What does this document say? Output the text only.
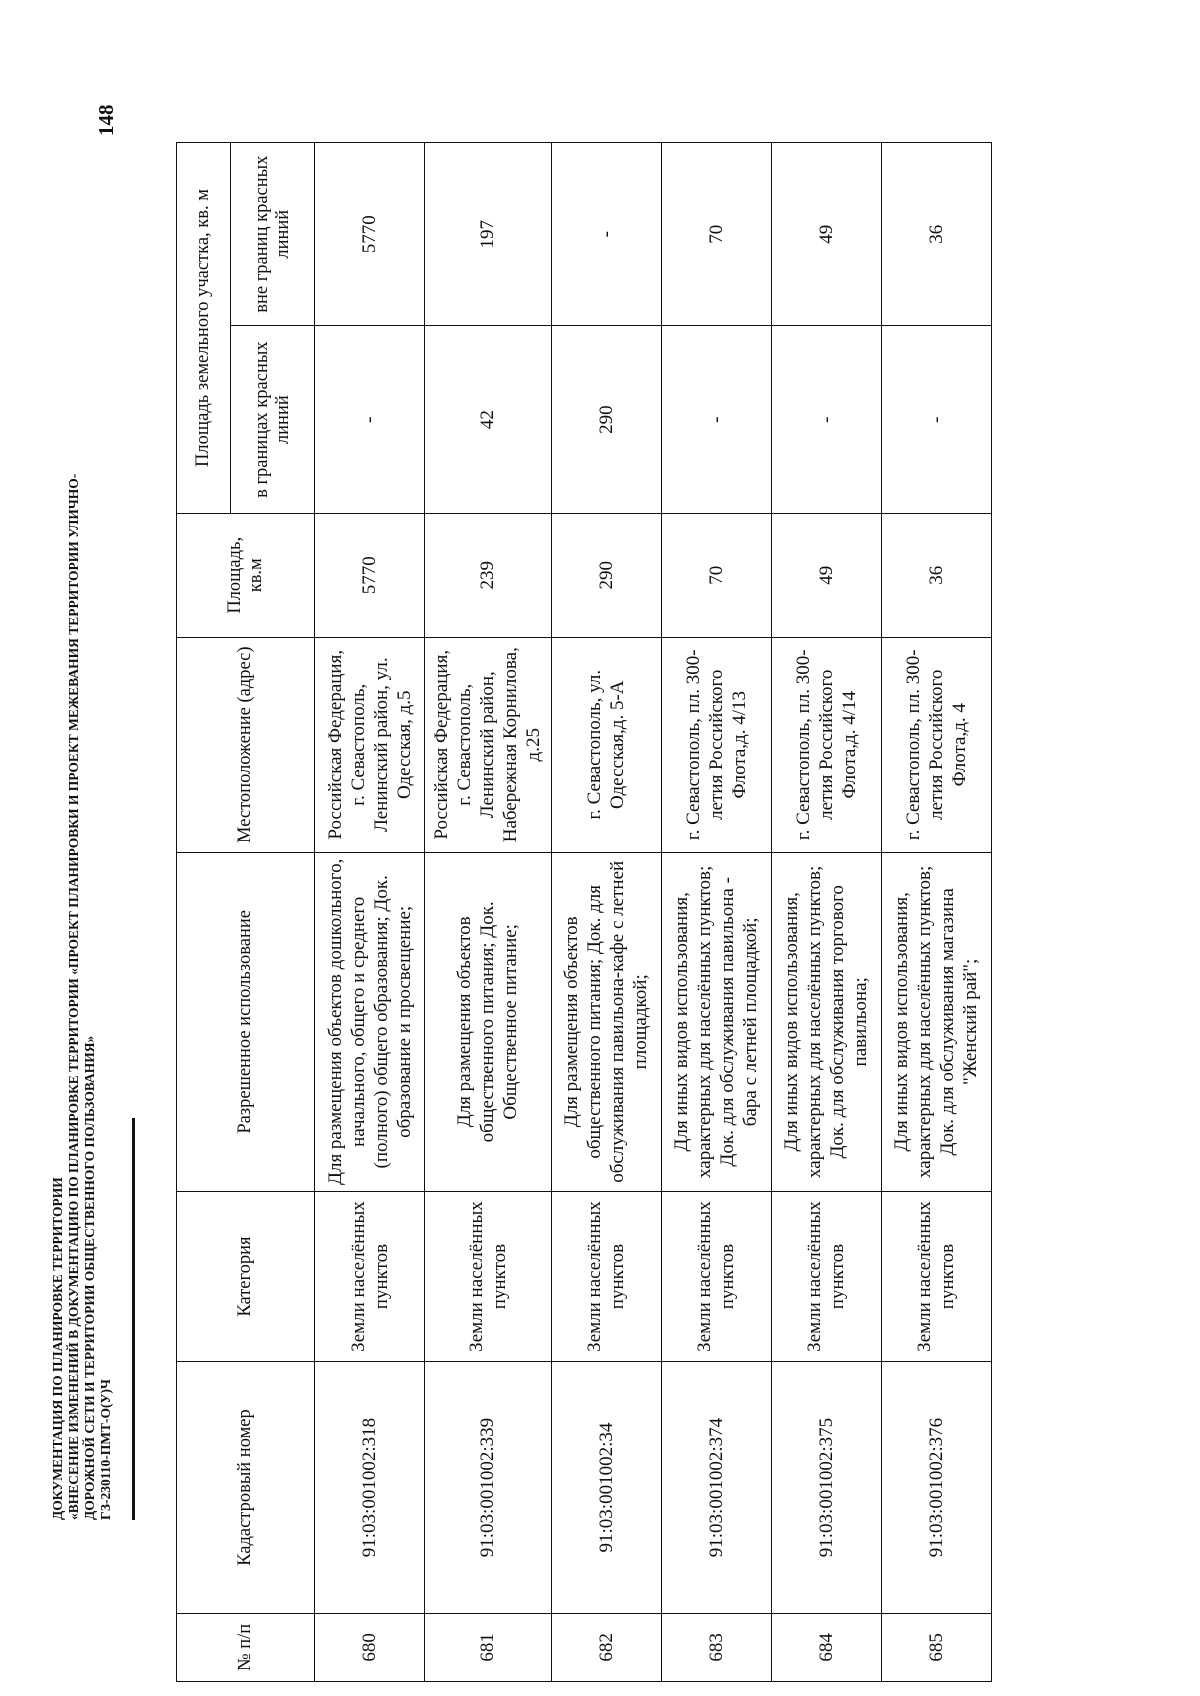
148
ДОКУМЕНТАЦИЯ ПО ПЛАНИРОВКЕ ТЕРРИТОРИИ «ВНЕСЕНИЕ ИЗМЕНЕНИЙ В ДОКУМЕНТАЦИЮ ПО ПЛАНИРОВКЕ ТЕРРИТОРИИ «ПРОЕКТ ПЛАНИРОВКИ И ПРОЕКТ МЕЖЕВАНИЯ ТЕРРИТОРИИ УЛИЧНО- ДОРОЖНОЙ СЕТИ И ТЕРРИТОРИИ ОБЩЕСТВЕННОГО ПОЛЬЗОВАНИЯ» ГЗ-230110-ПМТ-О(У)Ч
№ п/п	Кадастровый номер	Категория	Разрешенное использование	Местоположение (адрес)	Площадь, кв.м	Площадь земельного участка, кв. м	
						в границах красных линий	вне границ красных линий
680	91:03:001002:318	Земли населённых пунктов	Для размещения объектов дошкольного, начального, общего и среднего (полного) общего образования; Док. образование и просвещение;	Российская Федерация, г. Севастополь, Ленинский район, ул. Одесская, д.5	5770	-	5770
681	91:03:001002:339	Земли населённых пунктов	Для размещения объектов общественного питания; Док. Общественное питание;	Российская Федерация, г. Севастополь, Ленинский район, Набережная Корнилова, д.25	239	42	197
682	91:03:001002:34	Земли населённых пунктов	Для размещения объектов общественного питания; Док. для обслуживания павильона-кафе с летней площадкой;	г. Севастополь, ул. Одесская,д. 5-А	290	290	-
683	91:03:001002:374	Земли населённых пунктов	Для иных видов использования, характерных для населённых пунктов; Док. для обслуживания павильона - бара с летней площадкой;	г. Севастополь, пл. 300-летия Российского Флота,д. 4/13	70	-	70
684	91:03:001002:375	Земли населённых пунктов	Для иных видов использования, характерных для населённых пунктов; Док. для обслуживания торгового павильона;	г. Севастополь, пл. 300-летия Российского Флота,д. 4/14	49	-	49
685	91:03:001002:376	Земли населённых пунктов	Для иных видов использования, характерных для населённых пунктов; Док. для обслуживания магазина "Женский рай";	г. Севастополь, пл. 300-летия Российского Флота,д. 4	36	-	36
